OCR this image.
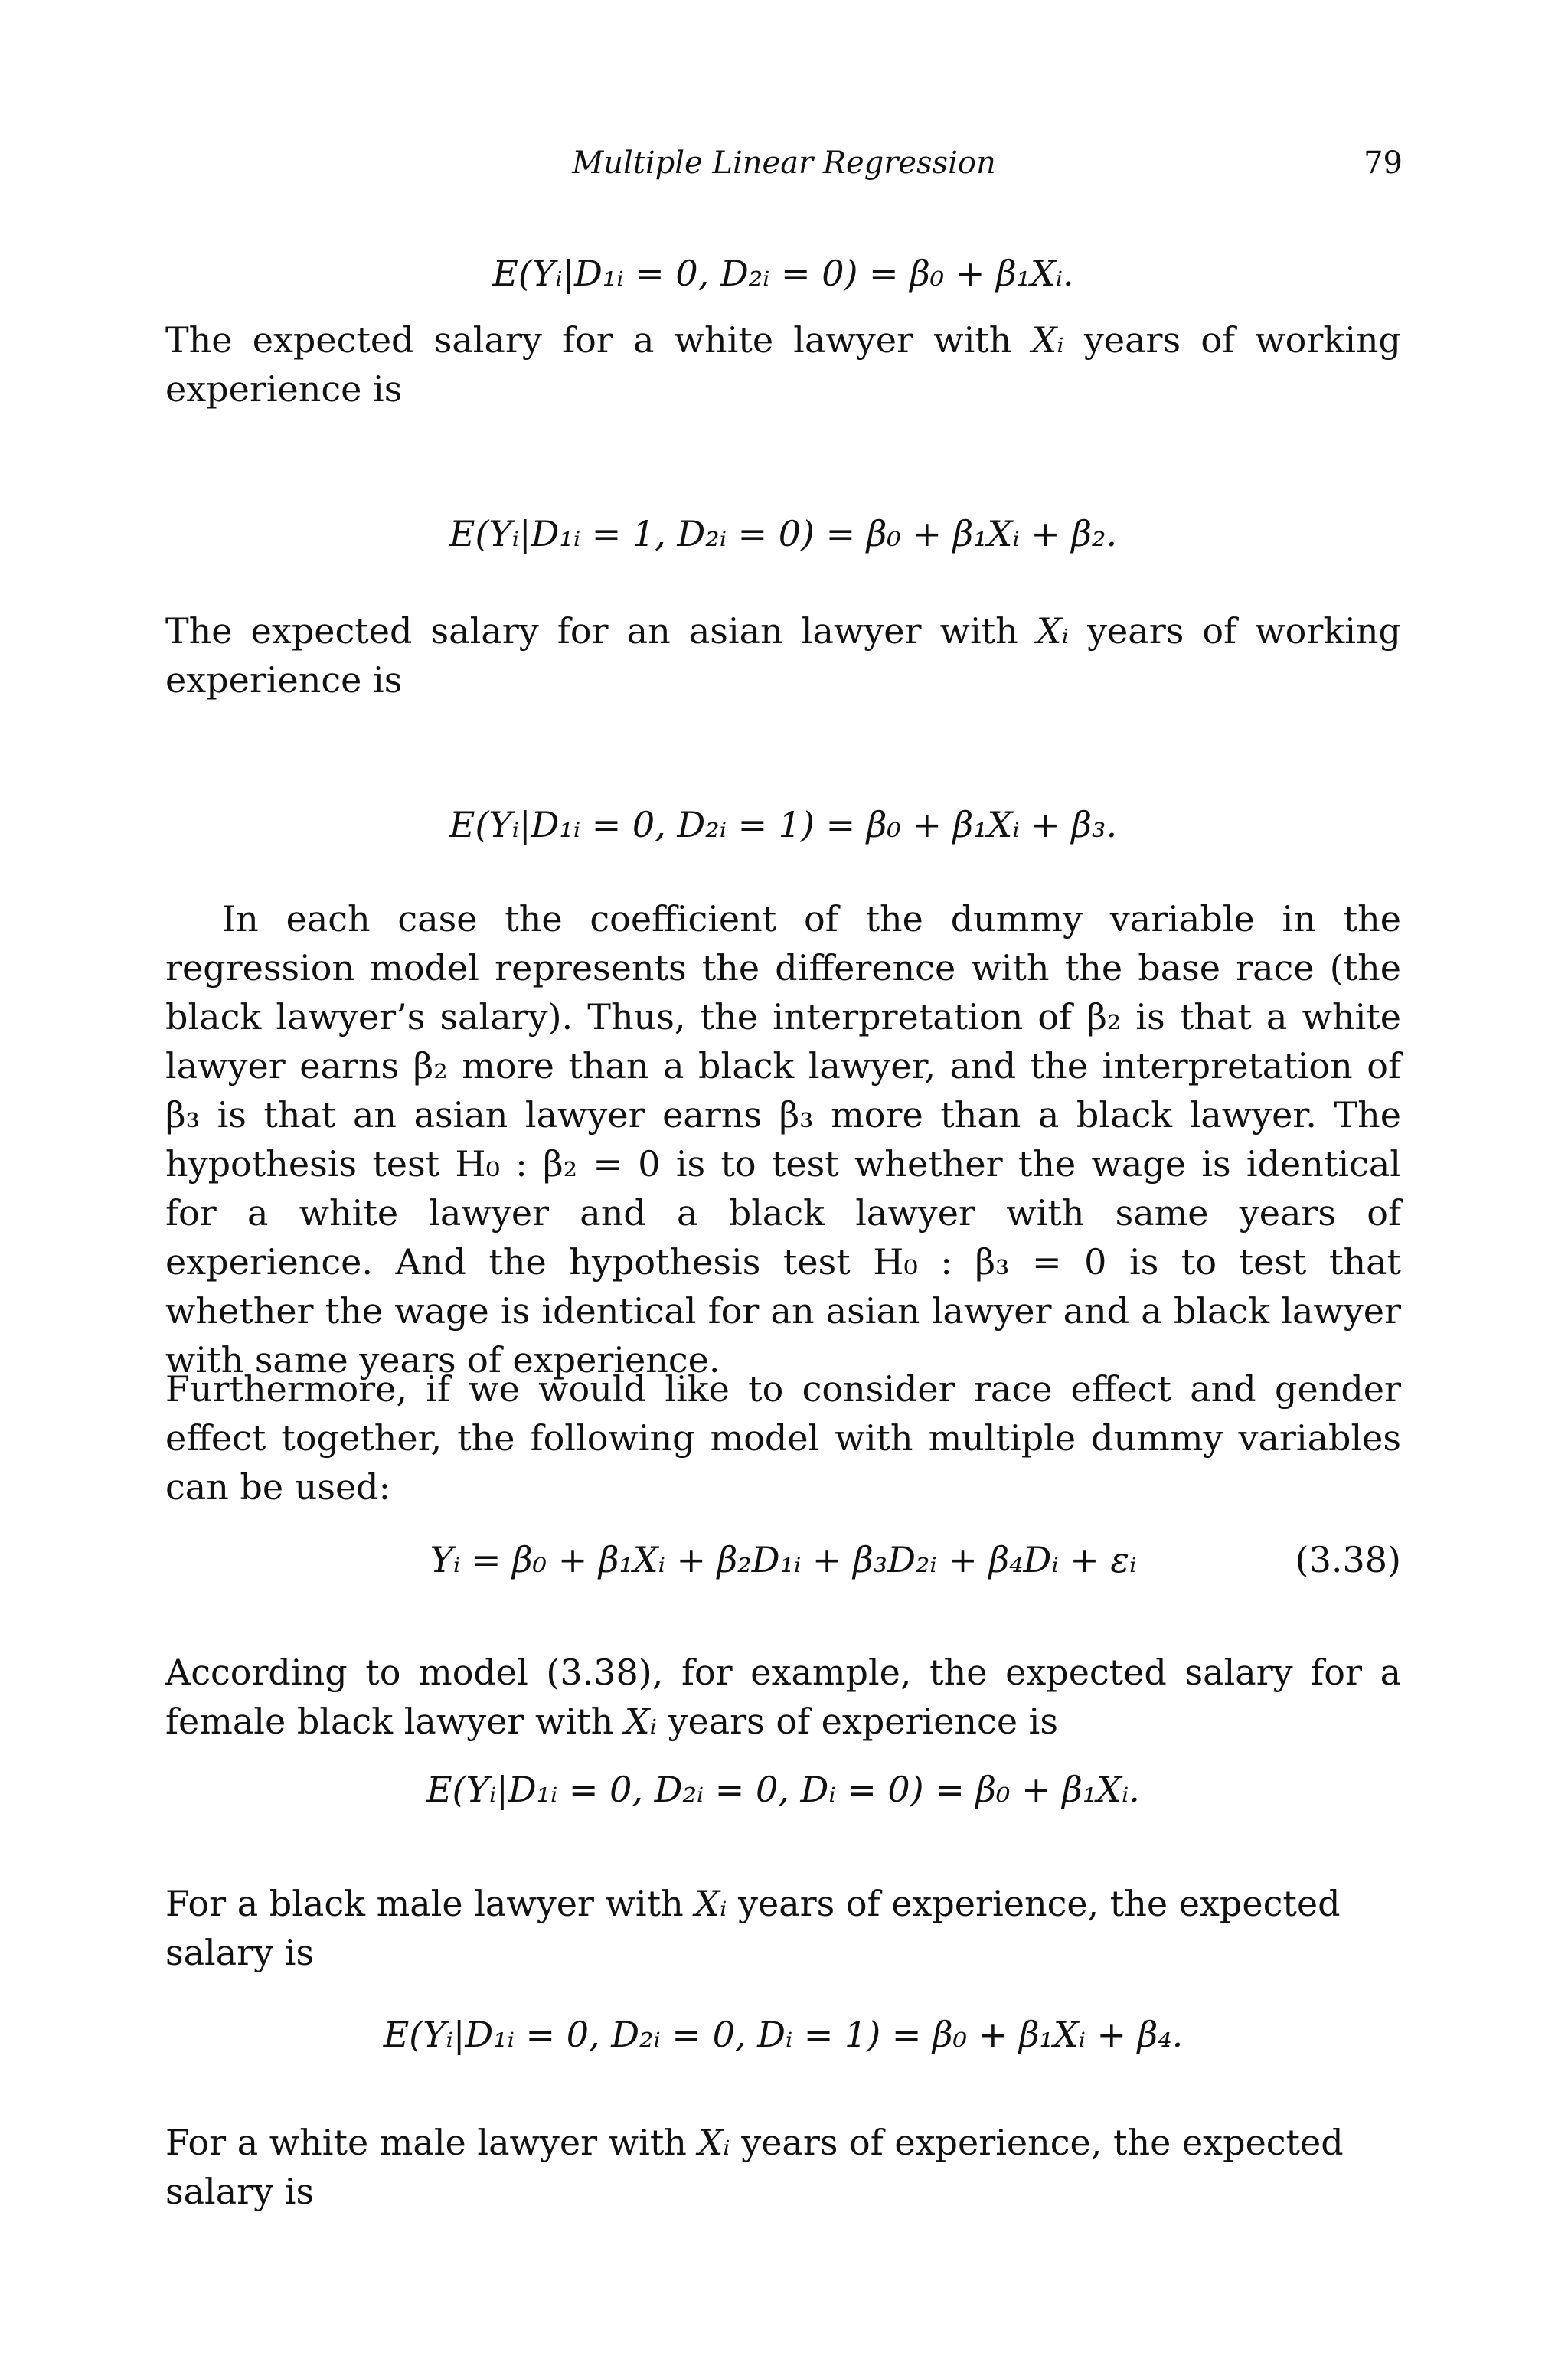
Multiple Linear Regression	79
E(Yᵢ|D₁ᵢ = 0, D₂ᵢ = 0) = β₀ + β₁Xᵢ.

The expected salary for a white lawyer with Xᵢ years of working experience is

E(Yᵢ|D₁ᵢ = 1, D₂ᵢ = 0) = β₀ + β₁Xᵢ + β₂.

The expected salary for an asian lawyer with Xᵢ years of working experience is

E(Yᵢ|D₁ᵢ = 0, D₂ᵢ = 1) = β₀ + β₁Xᵢ + β₃.

In each case the coefficient of the dummy variable in the regression model represents the difference with the base race (the black lawyer’s salary). Thus, the interpretation of β₂ is that a white lawyer earns β₂ more than a black lawyer, and the interpretation of β₃ is that an asian lawyer earns β₃ more than a black lawyer. The hypothesis test H₀ : β₂ = 0 is to test whether the wage is identical for a white lawyer and a black lawyer with same years of experience. And the hypothesis test H₀ : β₃ = 0 is to test that whether the wage is identical for an asian lawyer and a black lawyer with same years of experience.

Furthermore, if we would like to consider race effect and gender effect together, the following model with multiple dummy variables can be used:

Yᵢ = β₀ + β₁Xᵢ + β₂D₁ᵢ + β₃D₂ᵢ + β₄Dᵢ + εᵢ	(3.38)

According to model (3.38), for example, the expected salary for a female black lawyer with Xᵢ years of experience is

E(Yᵢ|D₁ᵢ = 0, D₂ᵢ = 0, Dᵢ = 0) = β₀ + β₁Xᵢ.

For a black male lawyer with Xᵢ years of experience, the expected salary is

E(Yᵢ|D₁ᵢ = 0, D₂ᵢ = 0, Dᵢ = 1) = β₀ + β₁Xᵢ + β₄.

For a white male lawyer with Xᵢ years of experience, the expected salary is
